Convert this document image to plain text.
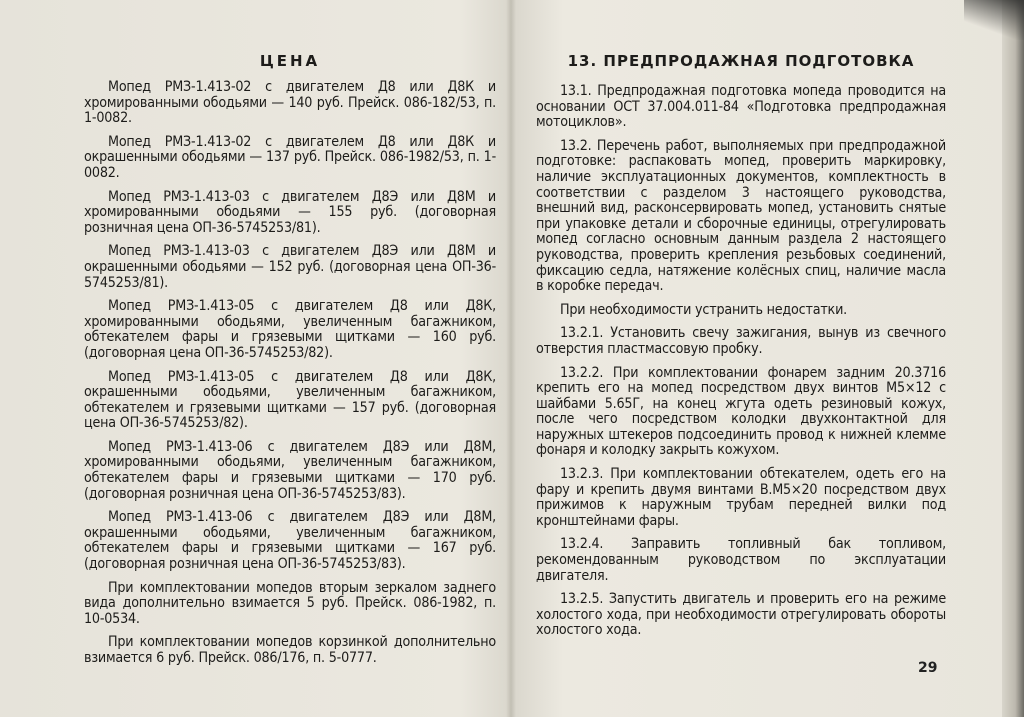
ЦЕНА

Мопед РМЗ-1.413-02 с двигателем Д8 или Д8К и хромированными ободьями — 140 руб. Прейск. 086-182/53, п. 1-0082.

Мопед РМЗ-1.413-02 с двигателем Д8 или Д8К и окрашенными ободьями — 137 руб. Прейск. 086-1982/53, п. 1-0082.

Мопед РМЗ-1.413-03 с двигателем Д8Э или Д8М и хромированными ободьями — 155 руб. (договорная розничная цена ОП-36-5745253/81).

Мопед РМЗ-1.413-03 с двигателем Д8Э или Д8М и окрашенными ободьями — 152 руб. (договорная цена ОП-36-5745253/81).

Мопед РМЗ-1.413-05 с двигателем Д8 или Д8К, хромированными ободьями, увеличенным багажником, обтекателем фары и грязевыми щитками — 160 руб. (договорная цена ОП-36-5745253/82).

Мопед РМЗ-1.413-05 с двигателем Д8 или Д8К, окрашенными ободьями, увеличенным багажником, обтекателем и грязевыми щитками — 157 руб. (договорная цена ОП-36-5745253/82).

Мопед РМЗ-1.413-06 с двигателем Д8Э или Д8М, хромированными ободьями, увеличенным багажником, обтекателем фары и грязевыми щитками — 170 руб. (договорная розничная цена ОП-36-5745253/83).

Мопед РМЗ-1.413-06 с двигателем Д8Э или Д8М, окрашенными ободьями, увеличенным багажником, обтекателем фары и грязевыми щитками — 167 руб. (договорная розничная цена ОП-36-5745253/83).

При комплектовании мопедов вторым зеркалом заднего вида дополнительно взимается 5 руб. Прейск. 086-1982, п. 10-0534.

При комплектовании мопедов корзинкой дополнительно взимается 6 руб. Прейск. 086/176, п. 5-0777.

13. ПРЕДПРОДАЖНАЯ ПОДГОТОВКА

13.1. Предпродажная подготовка мопеда проводится на основании ОСТ 37.004.011-84 «Подготовка предпродажная мотоциклов».

13.2. Перечень работ, выполняемых при предпродажной подготовке: распаковать мопед, проверить маркировку, наличие эксплуатационных документов, комплектность в соответствии с разделом 3 настоящего руководства, внешний вид, расконсервировать мопед, установить снятые при упаковке детали и сборочные единицы, отрегулировать мопед согласно основным данным раздела 2 настоящего руководства, проверить крепления резьбовых соединений, фиксацию седла, натяжение колёсных спиц, наличие масла в коробке передач.

При необходимости устранить недостатки.

13.2.1. Установить свечу зажигания, вынув из свечного отверстия пластмассовую пробку.

13.2.2. При комплектовании фонарем задним 20.3716 крепить его на мопед посредством двух винтов М5×12 с шайбами 5.65Г, на конец жгута одеть резиновый кожух, после чего посредством колодки двухконтактной для наружных штекеров подсоединить провод к нижней клемме фонаря и колодку закрыть кожухом.

13.2.3. При комплектовании обтекателем, одеть его на фару и крепить двумя винтами В.М5×20 посредством двух прижимов к наружным трубам передней вилки под кронштейнами фары.

13.2.4. Заправить топливный бак топливом, рекомендованным руководством по эксплуатации двигателя.

13.2.5. Запустить двигатель и проверить его на режиме холостого хода, при необходимости отрегулировать обороты холостого хода.

29
